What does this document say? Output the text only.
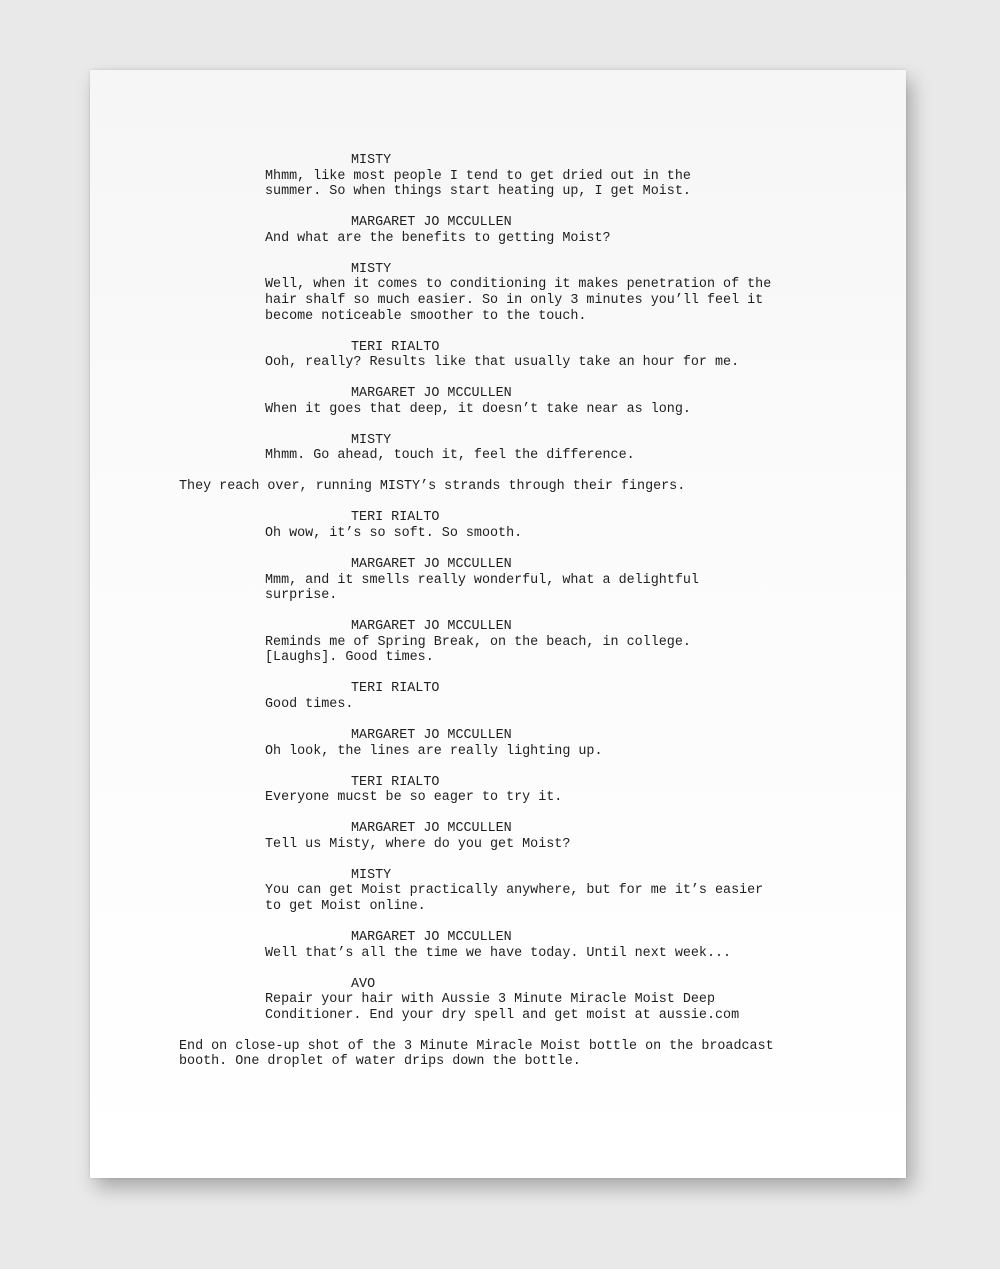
MISTY
Mhmm, like most people I tend to get dried out in the
summer. So when things start heating up, I get Moist.
MARGARET JO MCCULLEN
And what are the benefits to getting Moist?
MISTY
Well, when it comes to conditioning it makes penetration of the
hair shalf so much easier. So in only 3 minutes you’ll feel it
become noticeable smoother to the touch.
TERI RIALTO
Ooh, really? Results like that usually take an hour for me.
MARGARET JO MCCULLEN
When it goes that deep, it doesn’t take near as long.
MISTY
Mhmm. Go ahead, touch it, feel the difference.
They reach over, running MISTY’s strands through their fingers.
TERI RIALTO
Oh wow, it’s so soft. So smooth.
MARGARET JO MCCULLEN
Mmm, and it smells really wonderful, what a delightful
surprise.
MARGARET JO MCCULLEN
Reminds me of Spring Break, on the beach, in college.
[Laughs]. Good times.
TERI RIALTO
Good times.
MARGARET JO MCCULLEN
Oh look, the lines are really lighting up.
TERI RIALTO
Everyone mucst be so eager to try it.
MARGARET JO MCCULLEN
Tell us Misty, where do you get Moist?
MISTY
You can get Moist practically anywhere, but for me it’s easier
to get Moist online.
MARGARET JO MCCULLEN
Well that’s all the time we have today. Until next week...
AVO
Repair your hair with Aussie 3 Minute Miracle Moist Deep
Conditioner. End your dry spell and get moist at aussie.com
End on close-up shot of the 3 Minute Miracle Moist bottle on the broadcast
booth. One droplet of water drips down the bottle.
